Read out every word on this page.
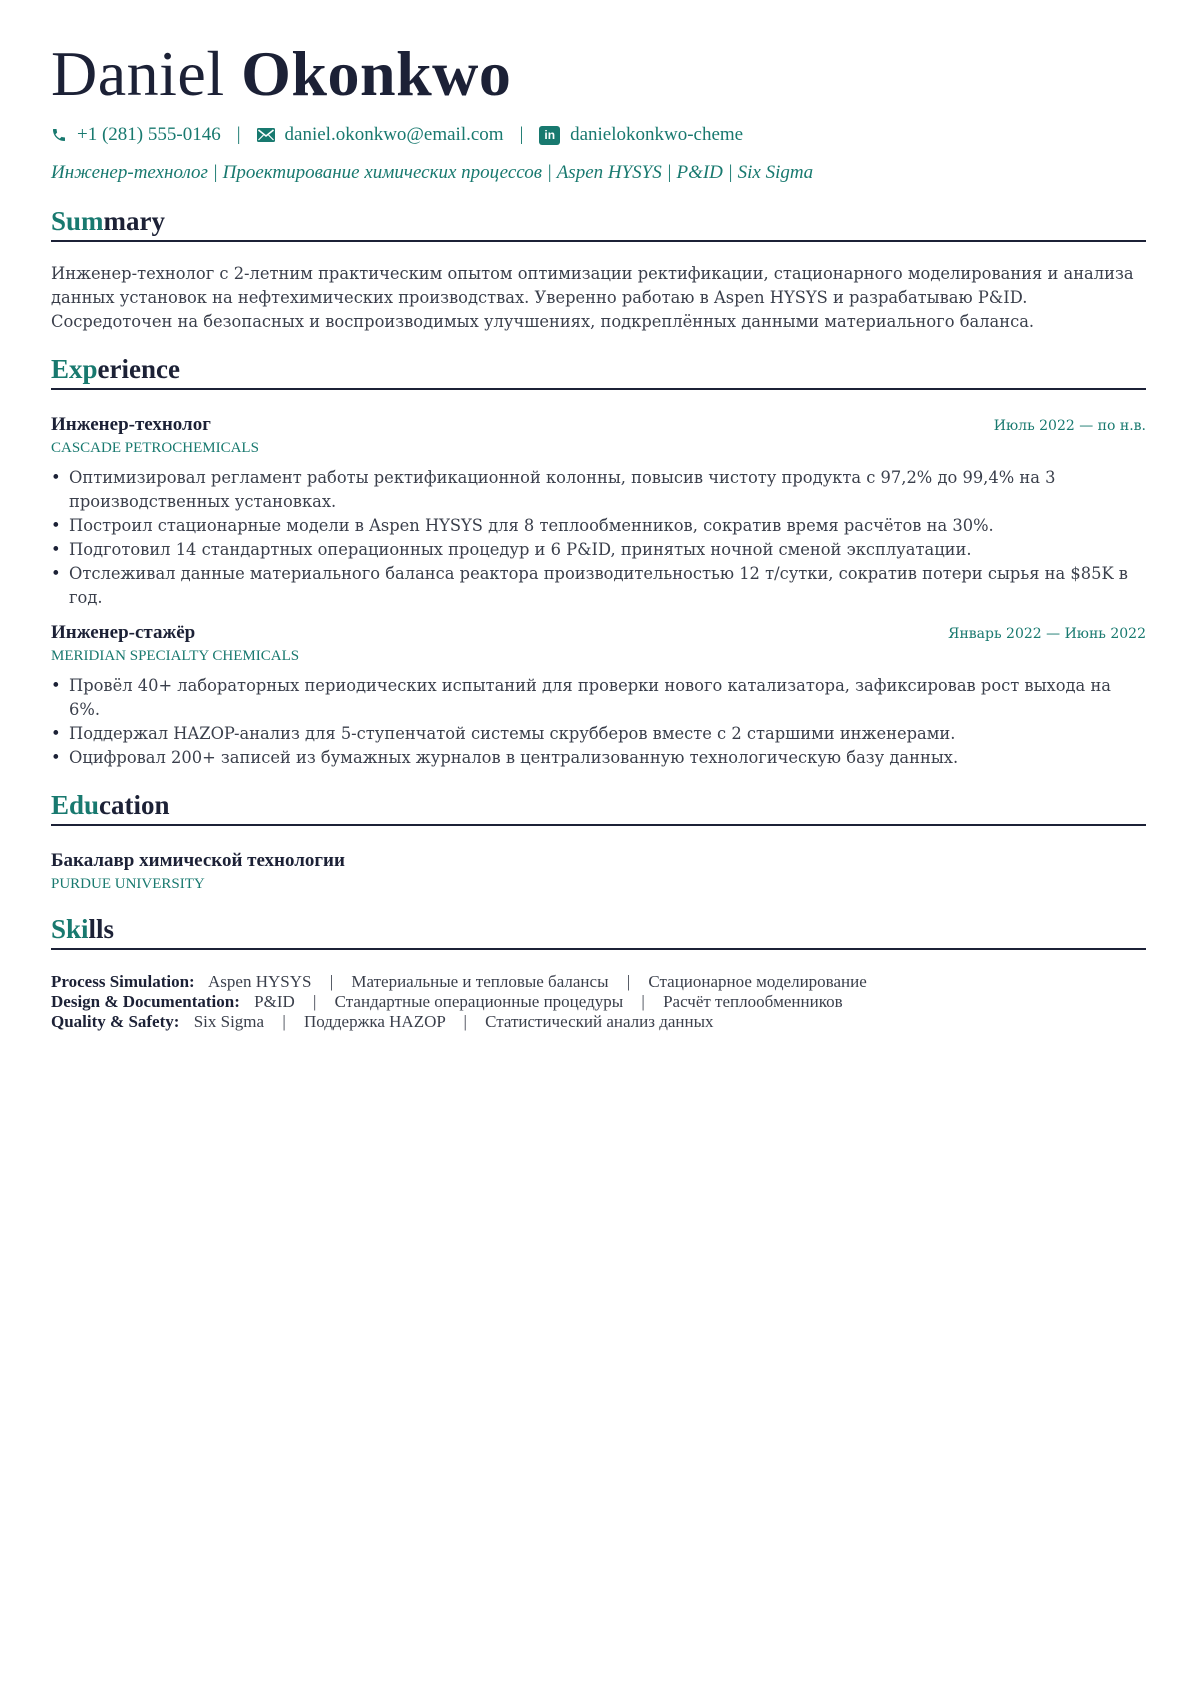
Daniel Okonkwo
+1 (281) 555-0146 | daniel.okonkwo@email.com |	in danielokonkwo-cheme
Инженер-технолог | Проектирование химических процессов | Aspen HYSYS | P&ID | Six Sigma
Summary
Инженер-технолог с 2-летним практическим опытом оптимизации ректификации, стационарного моделирования и анализа данных установок на нефтехимических производствах. Уверенно работаю в Aspen HYSYS и разрабатываю P&ID. Сосредоточен на безопасных и воспроизводимых улучшениях, подкреплённых данными материального баланса.
Experience
Инженер-технолог	Июль 2022 — по н.в.
CASCADE PETROCHEMICALS
• Оптимизировал регламент работы ректификационной колонны, повысив чистоту продукта с 97,2% до 99,4% на 3 производственных установках.
• Построил стационарные модели в Aspen HYSYS для 8 теплообменников, сократив время расчётов на 30%.
• Подготовил 14 стандартных операционных процедур и 6 P&ID, принятых ночной сменой эксплуатации.
• Отслеживал данные материального баланса реактора производительностью 12 т/сутки, сократив потери сырья на $85K в год.
Инженер-стажёр	Январь 2022 — Июнь 2022
MERIDIAN SPECIALTY CHEMICALS
• Провёл 40+ лабораторных периодических испытаний для проверки нового катализатора, зафиксировав рост выхода на 6%.
• Поддержал HAZOP-анализ для 5-ступенчатой системы скрубберов вместе с 2 старшими инженерами.
• Оцифровал 200+ записей из бумажных журналов в централизованную технологическую базу данных.
Education
Бакалавр химической технологии
PURDUE UNIVERSITY
Skills
Process Simulation: Aspen HYSYS | Материальные и тепловые балансы | Стационарное моделирование
Design & Documentation: P&ID | Стандартные операционные процедуры | Расчёт теплообменников
Quality & Safety: Six Sigma | Поддержка HAZOP | Статистический анализ данных
